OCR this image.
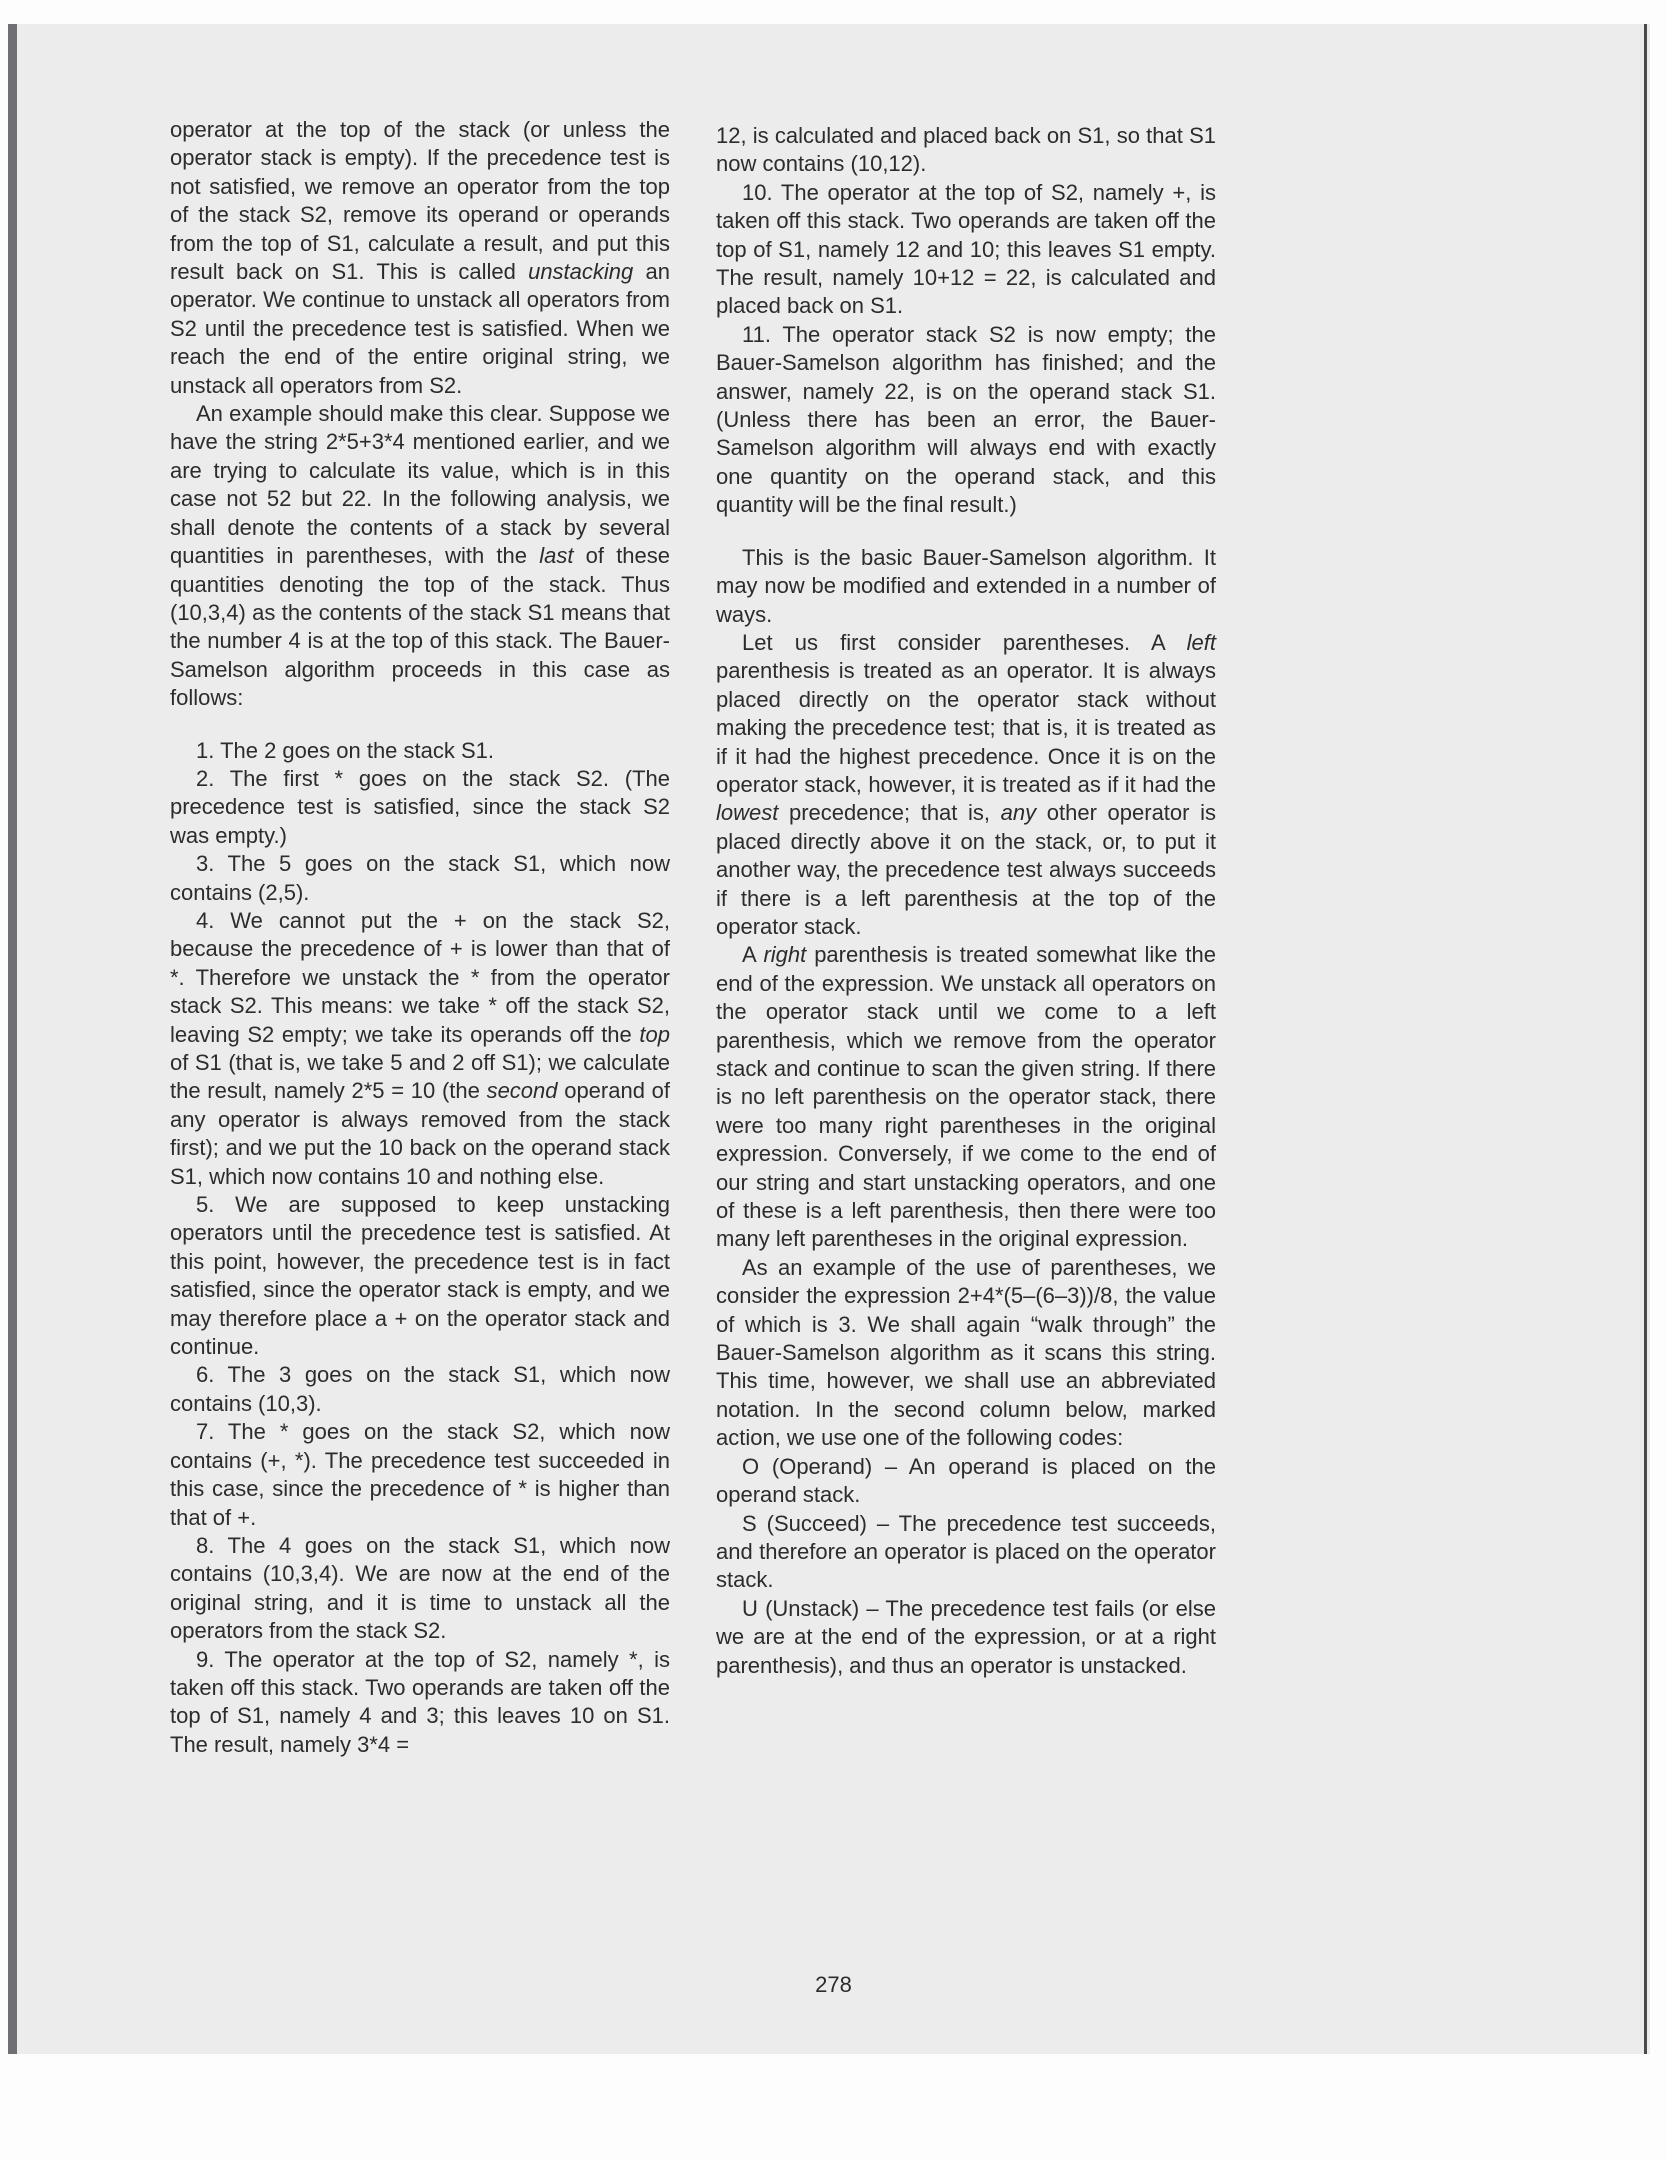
operator at the top of the stack (or unless the operator stack is empty). If the precedence test is not satisfied, we remove an operator from the top of the stack S2, remove its operand or operands from the top of S1, calculate a result, and put this result back on S1. This is called unstacking an operator. We continue to unstack all operators from S2 until the precedence test is satisfied. When we reach the end of the entire original string, we unstack all operators from S2.

An example should make this clear. Suppose we have the string 2*5+3*4 mentioned earlier, and we are trying to calculate its value, which is in this case not 52 but 22. In the following analysis, we shall denote the contents of a stack by several quantities in parentheses, with the last of these quantities denoting the top of the stack. Thus (10,3,4) as the contents of the stack S1 means that the number 4 is at the top of this stack. The Bauer-Samelson algorithm proceeds in this case as follows:

1. The 2 goes on the stack S1.

2. The first * goes on the stack S2. (The precedence test is satisfied, since the stack S2 was empty.)

3. The 5 goes on the stack S1, which now contains (2,5).

4. We cannot put the + on the stack S2, because the precedence of + is lower than that of *. Therefore we unstack the * from the operator stack S2. This means: we take * off the stack S2, leaving S2 empty; we take its operands off the top of S1 (that is, we take 5 and 2 off S1); we calculate the result, namely 2*5 = 10 (the second operand of any operator is always removed from the stack first); and we put the 10 back on the operand stack S1, which now contains 10 and nothing else.

5. We are supposed to keep unstacking operators until the precedence test is satisfied. At this point, however, the precedence test is in fact satisfied, since the operator stack is empty, and we may therefore place a + on the operator stack and continue.

6. The 3 goes on the stack S1, which now contains (10,3).

7. The * goes on the stack S2, which now contains (+, *). The precedence test succeeded in this case, since the precedence of * is higher than that of +.

8. The 4 goes on the stack S1, which now contains (10,3,4). We are now at the end of the original string, and it is time to unstack all the operators from the stack S2.

9. The operator at the top of S2, namely *, is taken off this stack. Two operands are taken off the top of S1, namely 4 and 3; this leaves 10 on S1. The result, namely 3*4 =

12, is calculated and placed back on S1, so that S1 now contains (10,12).

10. The operator at the top of S2, namely +, is taken off this stack. Two operands are taken off the top of S1, namely 12 and 10; this leaves S1 empty. The result, namely 10+12 = 22, is calculated and placed back on S1.

11. The operator stack S2 is now empty; the Bauer-Samelson algorithm has finished; and the answer, namely 22, is on the operand stack S1. (Unless there has been an error, the Bauer-Samelson algorithm will always end with exactly one quantity on the operand stack, and this quantity will be the final result.)

This is the basic Bauer-Samelson algorithm. It may now be modified and extended in a number of ways.

Let us first consider parentheses. A left parenthesis is treated as an operator. It is always placed directly on the operator stack without making the precedence test; that is, it is treated as if it had the highest precedence. Once it is on the operator stack, however, it is treated as if it had the lowest precedence; that is, any other operator is placed directly above it on the stack, or, to put it another way, the precedence test always succeeds if there is a left parenthesis at the top of the operator stack.

A right parenthesis is treated somewhat like the end of the expression. We unstack all operators on the operator stack until we come to a left parenthesis, which we remove from the operator stack and continue to scan the given string. If there is no left parenthesis on the operator stack, there were too many right parentheses in the original expression. Conversely, if we come to the end of our string and start unstacking operators, and one of these is a left parenthesis, then there were too many left parentheses in the original expression.

As an example of the use of parentheses, we consider the expression 2+4*(5–(6–3))/8, the value of which is 3. We shall again “walk through” the Bauer-Samelson algorithm as it scans this string. This time, however, we shall use an abbreviated notation. In the second column below, marked action, we use one of the following codes:

O (Operand) – An operand is placed on the operand stack.

S (Succeed) – The precedence test succeeds, and therefore an operator is placed on the operator stack.

U (Unstack) – The precedence test fails (or else we are at the end of the expression, or at a right parenthesis), and thus an operator is unstacked.

278
